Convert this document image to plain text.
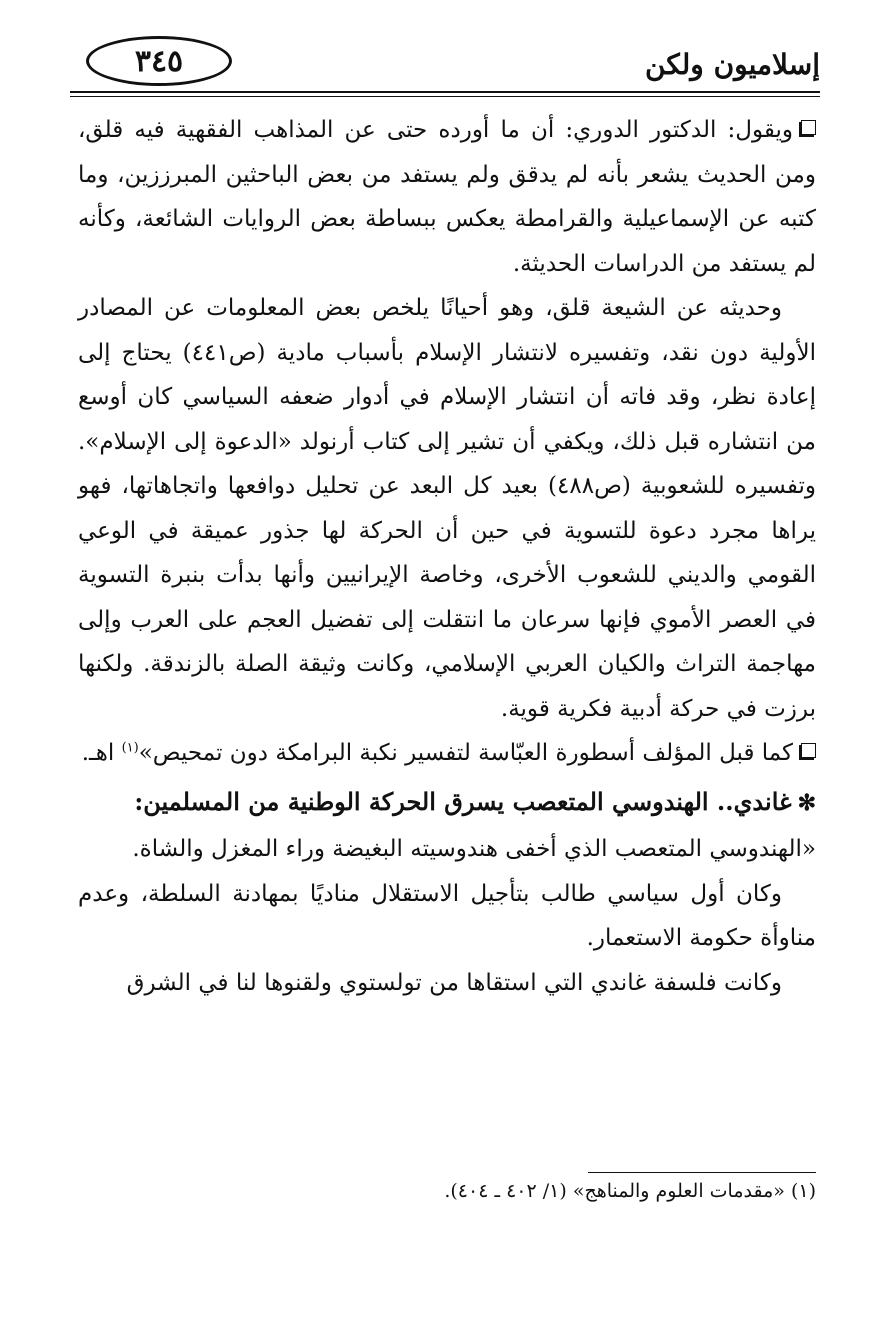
٣٤٥	إسلاميون ولكن

ويقول: الدكتور الدوري: أن ما أورده حتى عن المذاهب الفقهية فيه قلق، ومن الحديث يشعر بأنه لم يدقق ولم يستفد من بعض الباحثين المبرززين، وما كتبه عن الإسماعيلية والقرامطة يعكس ببساطة بعض الروايات الشائعة، وكأنه لم يستفد من الدراسات الحديثة.

وحديثه عن الشيعة قلق، وهو أحيانًا يلخص بعض المعلومات عن المصادر الأولية دون نقد، وتفسيره لانتشار الإسلام بأسباب مادية (ص٤٤١) يحتاج إلى إعادة نظر، وقد فاته أن انتشار الإسلام في أدوار ضعفه السياسي كان أوسع من انتشاره قبل ذلك، ويكفي أن تشير إلى كتاب أرنولد «الدعوة إلى الإسلام». وتفسيره للشعوبية (ص٤٨٨) بعيد كل البعد عن تحليل دوافعها واتجاهاتها، فهو يراها مجرد دعوة للتسوية في حين أن الحركة لها جذور عميقة في الوعي القومي والديني للشعوب الأخرى، وخاصة الإيرانيين وأنها بدأت بنبرة التسوية في العصر الأموي فإنها سرعان ما انتقلت إلى تفضيل العجم على العرب وإلى مهاجمة التراث والكيان العربي الإسلامي، وكانت وثيقة الصلة بالزندقة. ولكنها برزت في حركة أدبية فكرية قوية.

كما قبل المؤلف أسطورة العبّاسة لتفسير نكبة البرامكة دون تمحيص»$^{(١)}$ اهـ.

✻غاندي.. الهندوسي المتعصب يسرق الحركة الوطنية من المسلمين:

«الهندوسي المتعصب الذي أخفى هندوسيته البغيضة وراء المغزل والشاة.

وكان أول سياسي طالب بتأجيل الاستقلال مناديًا بمهادنة السلطة، وعدم مناوأة حكومة الاستعمار.

وكانت فلسفة غاندي التي استقاها من تولستوي ولقنوها لنا في الشرق

(١) «مقدمات العلوم والمناهج» (١/ ٤٠٢ ـ ٤٠٤).
